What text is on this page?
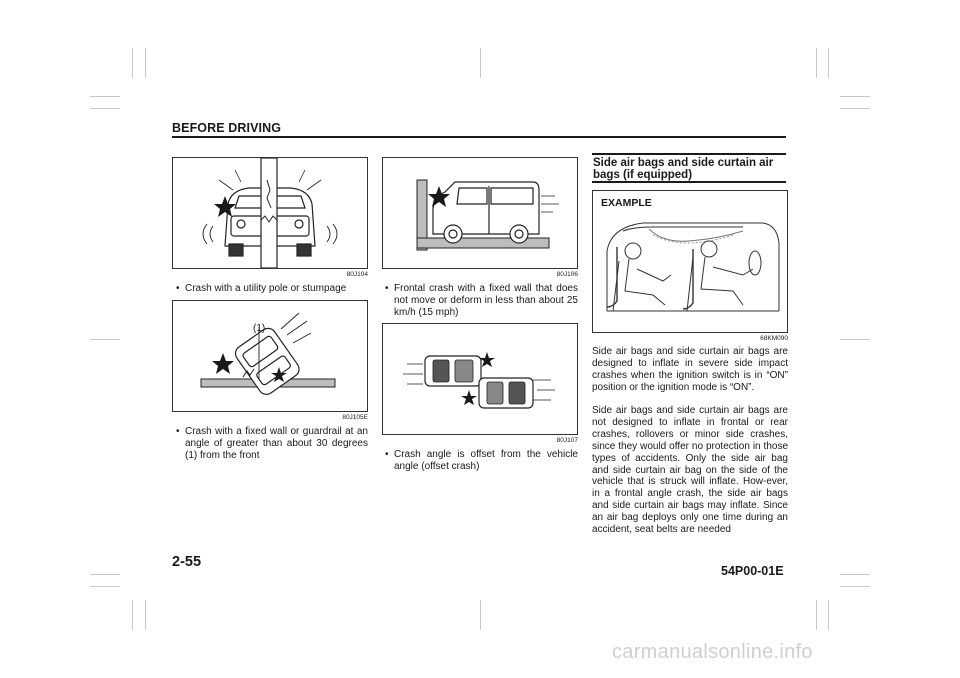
BEFORE DRIVING
80J104
• Crash with a utility pole or stumpage
(1)
80J105E
• Crash with a fixed wall or guardrail at an angle of greater than about 30 degrees (1) from the front
80J106
• Frontal crash with a fixed wall that does not move or deform in less than about 25 km/h (15 mph)
80J107
• Crash angle is offset from the vehicle angle (offset crash)
Side air bags and side curtain air bags (if equipped)
EXAMPLE
68KM090
Side air bags and side curtain air bags are designed to inflate in severe side impact crashes when the ignition switch is in “ON” position or the ignition mode is “ON”.
Side air bags and side curtain air bags are not designed to inflate in frontal or rear crashes, rollovers or minor side crashes, since they would offer no protection in those types of accidents. Only the side air bag and side curtain air bag on the side of the vehicle that is struck will inflate. How-ever, in a frontal angle crash, the side air bags and side curtain air bags may inflate. Since an air bag deploys only one time during an accident, seat belts are needed
2-55
54P00-01E
carmanualsonline.info
